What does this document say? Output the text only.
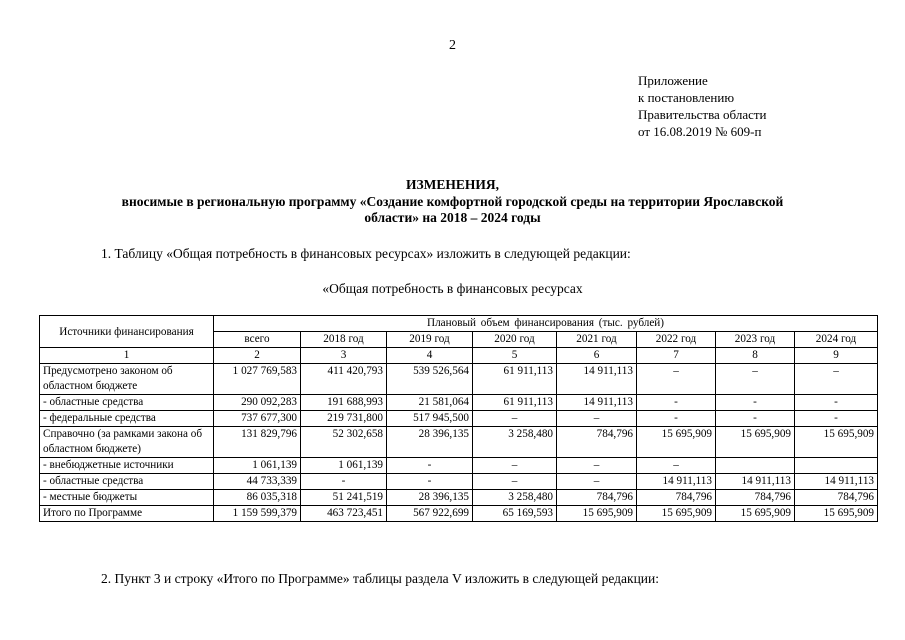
2
Приложение
к постановлению
Правительства области
от 16.08.2019 № 609-п
ИЗМЕНЕНИЯ,
вносимые в региональную программу «Создание комфортной городской среды на территории Ярославской
области» на 2018 – 2024 годы
1. Таблицу «Общая потребность в финансовых ресурсах» изложить в следующей редакции:
«Общая потребность в финансовых ресурсах
Источники финансирования	Плановый объем финансирования (тыс. рублей)							
	всего	2018 год	2019 год	2020 год	2021 год	2022 год	2023 год	2024 год
1	2	3	4	5	6	7	8	9
Предусмотрено законом об областном бюджете	1 027 769,583	411 420,793	539 526,564	61 911,113	14 911,113	–	–	–
- областные средства	290 092,283	191 688,993	21 581,064	61 911,113	14 911,113	-	-	-
- федеральные средства	737 677,300	219 731,800	517 945,500	–	–	-	-	-
Справочно (за рамками закона об областном бюджете)	131 829,796	52 302,658	28 396,135	3 258,480	784,796	15 695,909	15 695,909	15 695,909
- внебюджетные источники	1 061,139	1 061,139	-	–	–	–		
- областные средства	44 733,339	-	-	–	–	14 911,113	14 911,113	14 911,113
- местные бюджеты	86 035,318	51 241,519	28 396,135	3 258,480	784,796	784,796	784,796	784,796
Итого по Программе	1 159 599,379	463 723,451	567 922,699	65 169,593	15 695,909	15 695,909	15 695,909	15 695,909
2. Пункт 3 и строку «Итого по Программе» таблицы раздела V изложить в следующей редакции:
